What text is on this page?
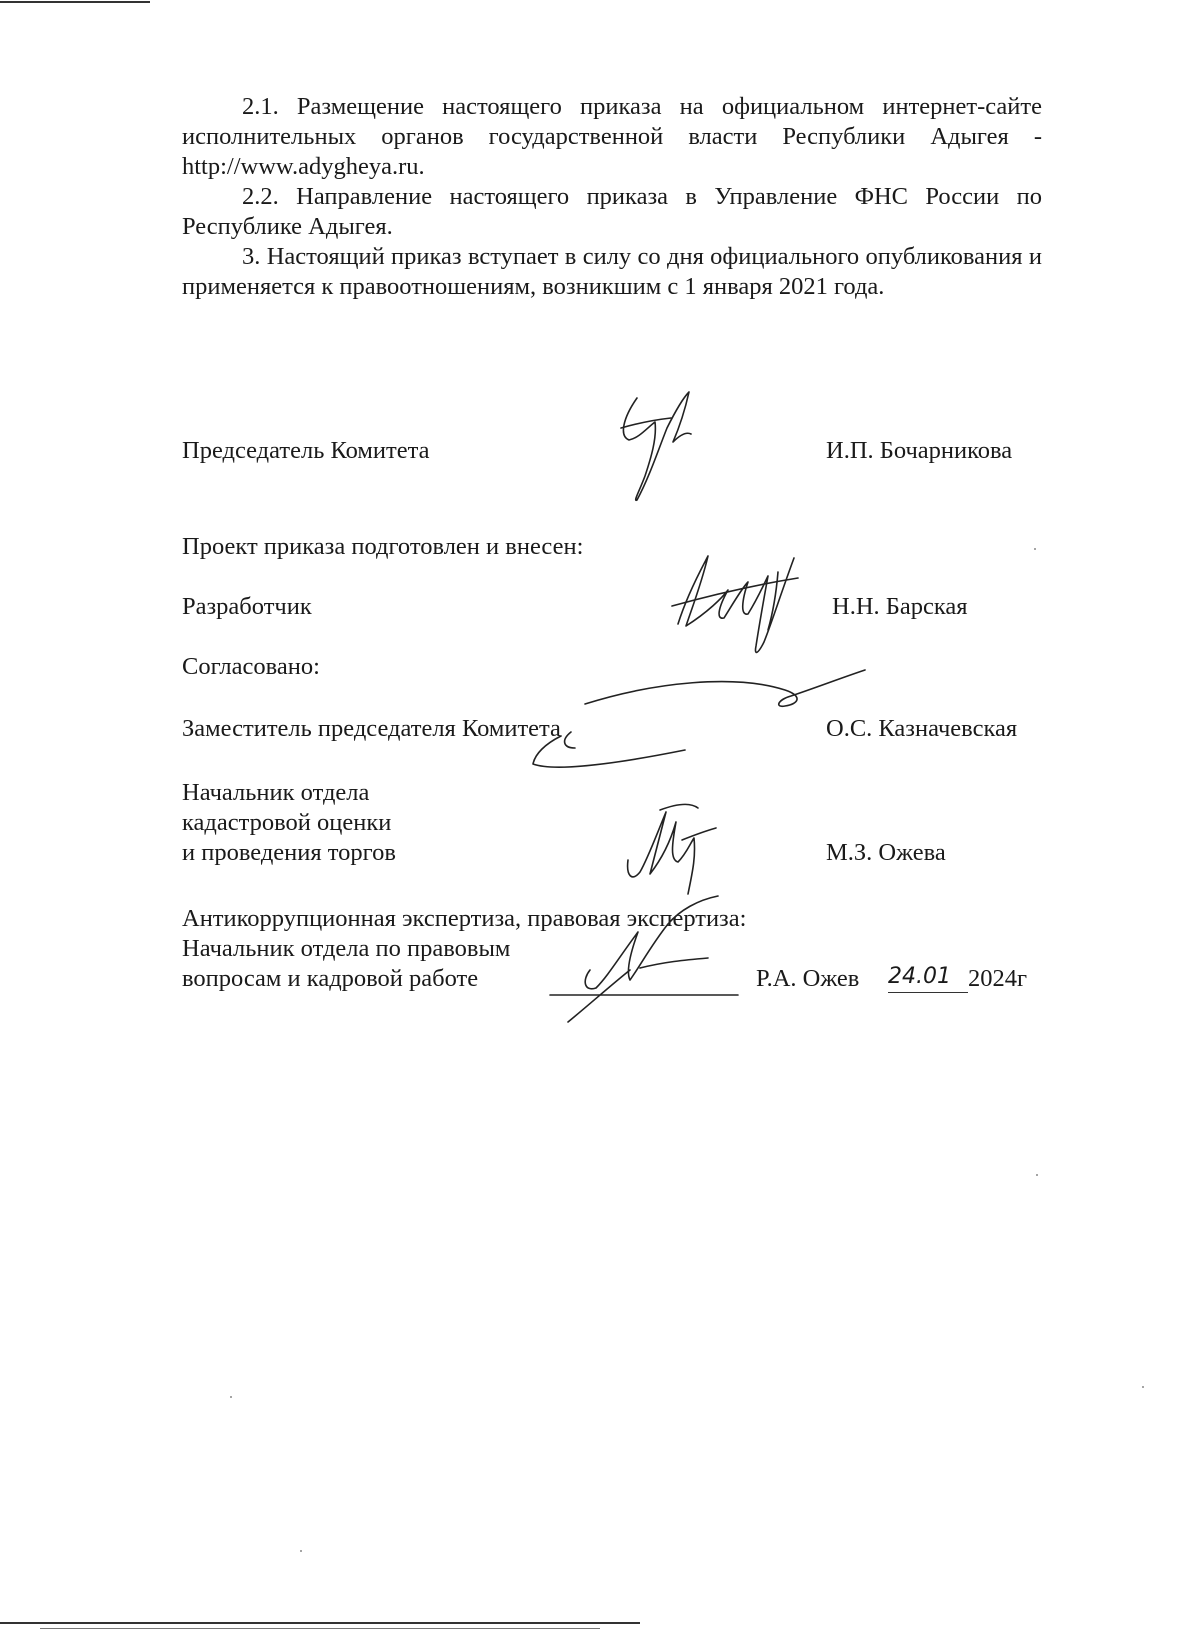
2.1. Размещение настоящего приказа на официальном интернет-сайте исполнительных органов государственной власти Республики Адыгея - http://www.adygheya.ru.

2.2. Направление настоящего приказа в Управление ФНС России по Республике Адыгея.

3. Настоящий приказ вступает в силу со дня официального опубликования и применяется к правоотношениям, возникшим с 1 января 2021 года.

Председатель Комитета	И.П. Бочарникова
Проект приказа подготовлен и внесен:
Разработчик	Н.Н. Барская
Согласовано:
Заместитель председателя Комитета	О.С. Казначевская
Начальник отдела
кадастровой оценки
и проведения торгов	М.З. Ожева
Антикоррупционная экспертиза, правовая экспертиза:
Начальник отдела по правовым
вопросам и кадровой работе	Р.А. Ожев 24.01 2024г
